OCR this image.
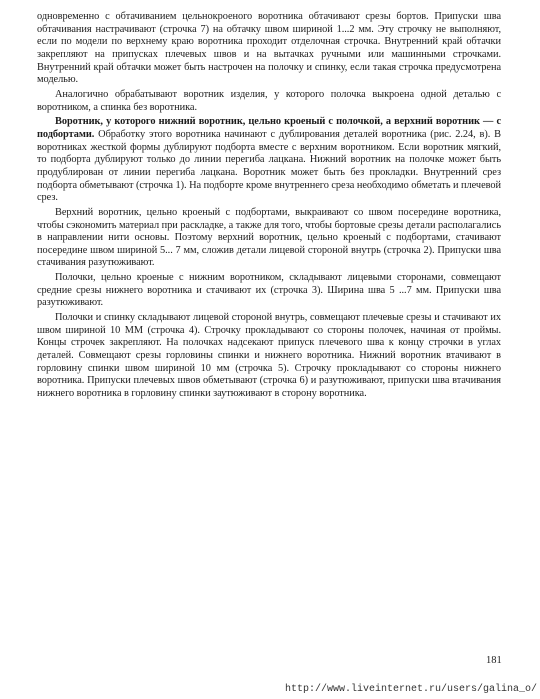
одновременно с обтачиванием цельнокроеного воротника обтачивают срезы бортов. Припуски шва обтачивания настрачивают (строчка 7) на обтачку швом шириной 1...2 мм. Эту строчку не выполняют, если по модели по верхнему краю воротника проходит отделочная строчка. Внутренний край обтачки закрепляют на припусках плечевых швов и на вытачках ручными или машинными строчками. Внутренний край обтачки может быть настрочен на полочку и спинку, если такая строчка предусмотрена моделью.

Аналогично обрабатывают воротник изделия, у которого полочка выкроена одной деталью с воротником, а спинка без воротника.

Воротник, у которого нижний воротник, цельно кроеный с полочкой, а верхний воротник — с подбортами. Обработку этого воротника начинают с дублирования деталей воротника (рис. 2.24, в). В воротниках жесткой формы дублируют подборта вместе с верхним воротником. Если воротник мягкий, то подборта дублируют только до линии перегиба лацкана. Нижний воротник на полочке может быть продублирован от линии перегиба лацкана. Воротник может быть без прокладки. Внутренний срез подборта обметывают (строчка 1). На подборте кроме внутреннего среза необходимо обметать и плечевой срез.

Верхний воротник, цельно кроеный с подбортами, выкраивают со швом посередине воротника, чтобы сэкономить материал при раскладке, а также для того, чтобы бортовые срезы детали располагались в направлении нити основы. Поэтому верхний воротник, цельно кроеный с подбортами, стачивают посередине швом шириной 5... 7 мм, сложив детали лицевой стороной внутрь (строчка 2). Припуски шва стачивания разутюживают.

Полочки, цельно кроеные с нижним воротником, складывают лицевыми сторонами, совмещают средние срезы нижнего воротника и стачивают их (строчка 3). Ширина шва 5 ...7 мм. Припуски шва разутюживают.

Полочки и спинку складывают лицевой стороной внутрь, совмещают плечевые срезы и стачивают их швом шириной 10 ММ (строчка 4). Строчку прокладывают со стороны полочек, начиная от проймы. Концы строчек закрепляют. На полочках надсекают припуск плечевого шва к концу строчки в углах деталей. Совмещают срезы горловины спинки и нижнего воротника. Нижний воротник втачивают в горловину спинки швом шириной 10 мм (строчка 5). Строчку прокладывают со стороны нижнего воротника. Припуски плечевых швов обметывают (строчка 6) и разутюживают, припуски шва втачивания нижнего воротника в горловину спинки заутюживают в сторону воротника.

181
http://www.liveinternet.ru/users/galina_o/
